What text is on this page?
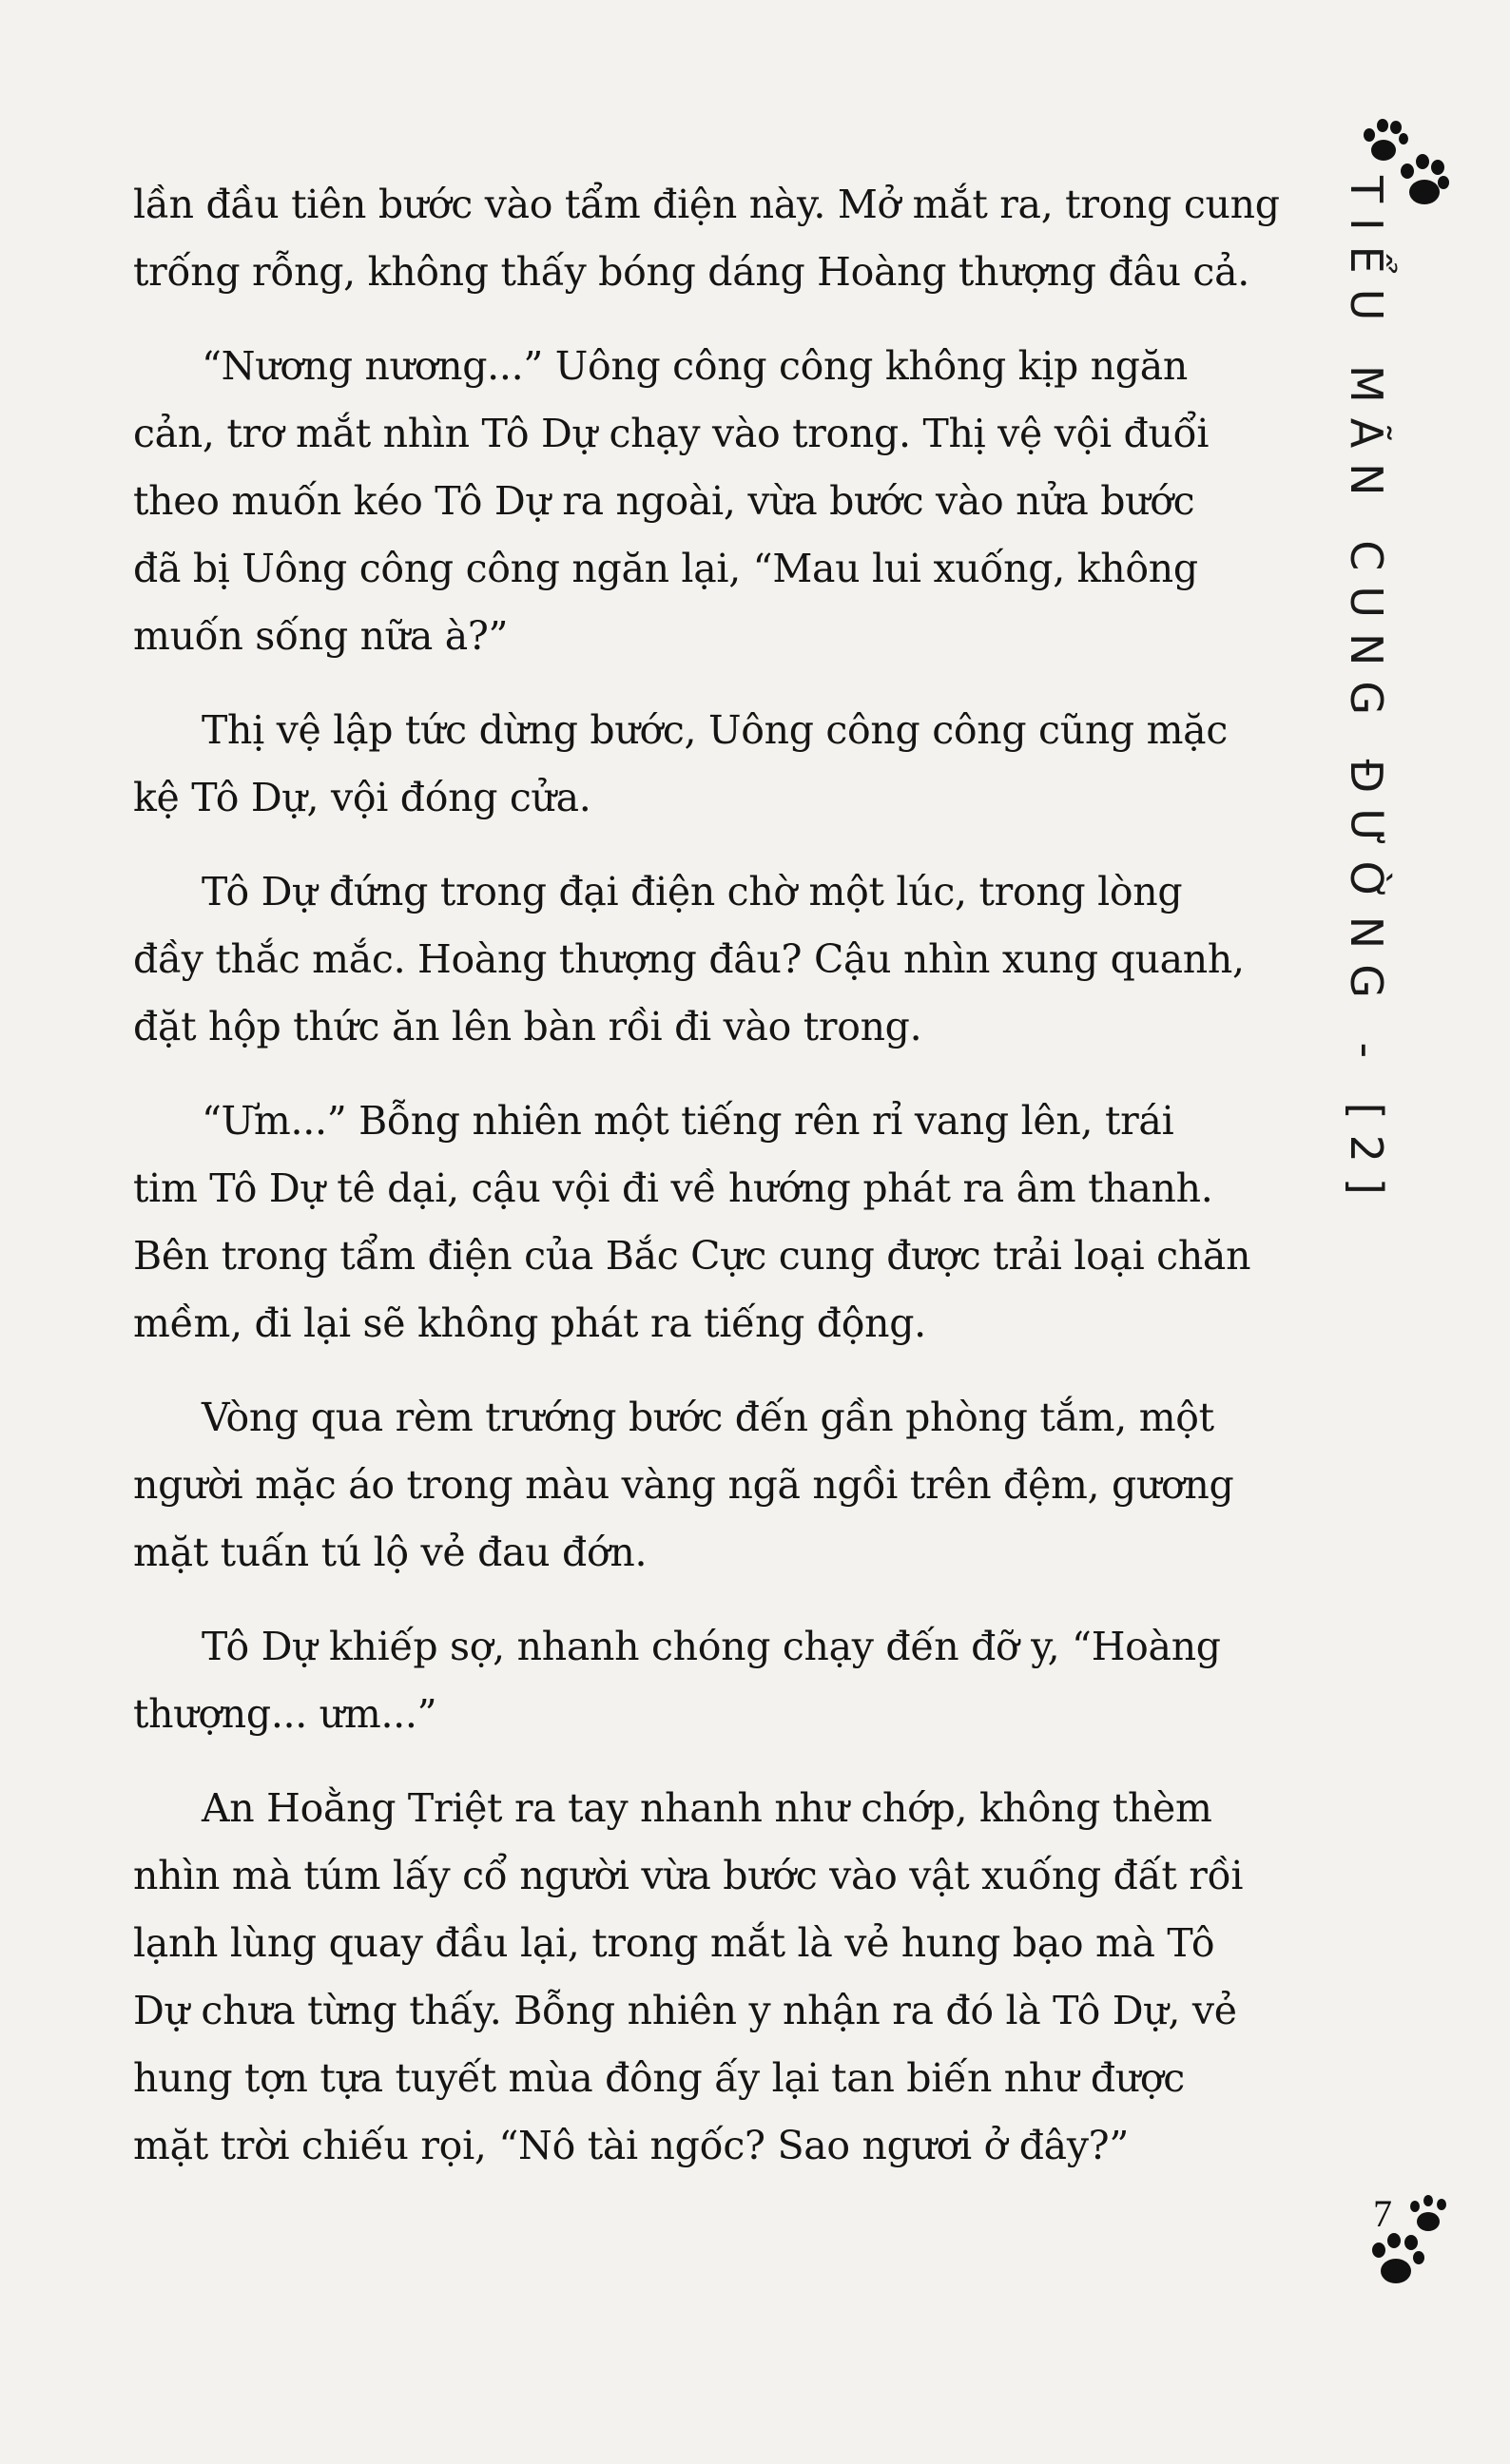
TIỂU MÃN CUNG ĐƯỜNG - [2]

lần đầu tiên bước vào tẩm điện này. Mở mắt ra, trong cung
trống rỗng, không thấy bóng dáng Hoàng thượng đâu cả.

“Nương nương...” Uông công công không kịp ngăn
cản, trơ mắt nhìn Tô Dự chạy vào trong. Thị vệ vội đuổi
theo muốn kéo Tô Dự ra ngoài, vừa bước vào nửa bước
đã bị Uông công công ngăn lại, “Mau lui xuống, không
muốn sống nữa à?”

Thị vệ lập tức dừng bước, Uông công công cũng mặc
kệ Tô Dự, vội đóng cửa.

Tô Dự đứng trong đại điện chờ một lúc, trong lòng
đầy thắc mắc. Hoàng thượng đâu? Cậu nhìn xung quanh,
đặt hộp thức ăn lên bàn rồi đi vào trong.

“Ưm...” Bỗng nhiên một tiếng rên rỉ vang lên, trái
tim Tô Dự tê dại, cậu vội đi về hướng phát ra âm thanh.
Bên trong tẩm điện của Bắc Cực cung được trải loại chăn
mềm, đi lại sẽ không phát ra tiếng động.

Vòng qua rèm trướng bước đến gần phòng tắm, một
người mặc áo trong màu vàng ngã ngồi trên đệm, gương
mặt tuấn tú lộ vẻ đau đớn.

Tô Dự khiếp sợ, nhanh chóng chạy đến đỡ y, “Hoàng
thượng... ưm...”

An Hoằng Triệt ra tay nhanh như chớp, không thèm
nhìn mà túm lấy cổ người vừa bước vào vật xuống đất rồi
lạnh lùng quay đầu lại, trong mắt là vẻ hung bạo mà Tô
Dự chưa từng thấy. Bỗng nhiên y nhận ra đó là Tô Dự, vẻ
hung tợn tựa tuyết mùa đông ấy lại tan biến như được
mặt trời chiếu rọi, “Nô tài ngốc? Sao ngươi ở đây?”

7
